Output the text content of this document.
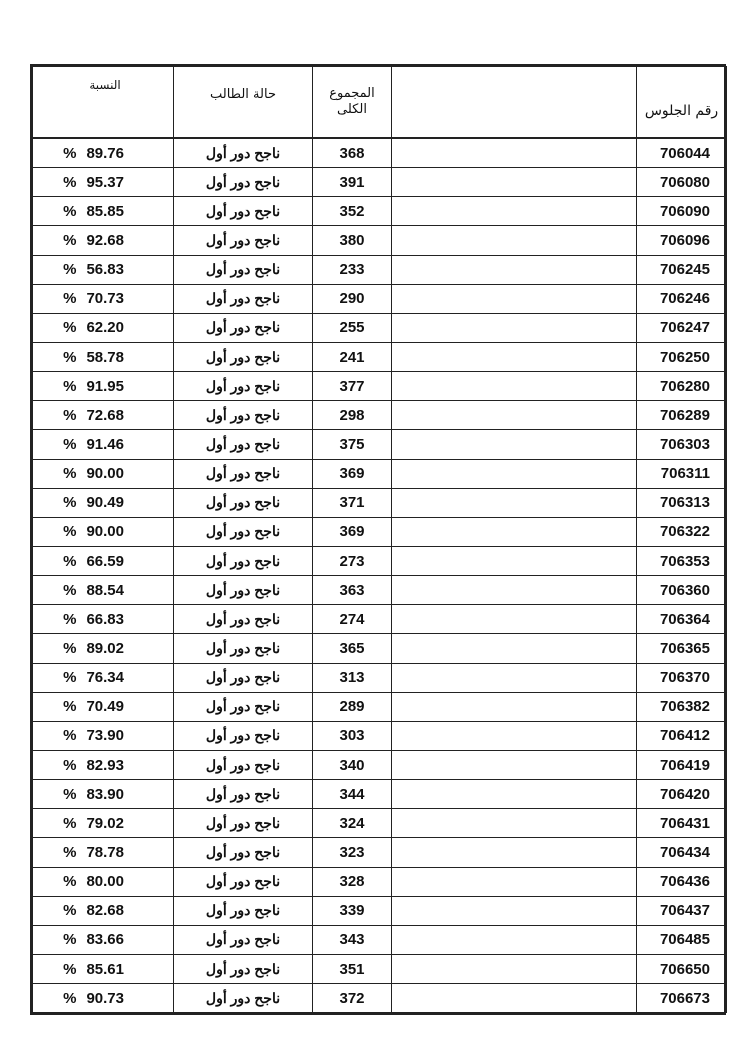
النسبة	حالة الطالب	المجموع الكلى		رقم الجلوس
% 89.76	ناجح دور أول	368		706044
% 95.37	ناجح دور أول	391		706080
% 85.85	ناجح دور أول	352		706090
% 92.68	ناجح دور أول	380		706096
% 56.83	ناجح دور أول	233		706245
% 70.73	ناجح دور أول	290		706246
% 62.20	ناجح دور أول	255		706247
% 58.78	ناجح دور أول	241		706250
% 91.95	ناجح دور أول	377		706280
% 72.68	ناجح دور أول	298		706289
% 91.46	ناجح دور أول	375		706303
% 90.00	ناجح دور أول	369		706311
% 90.49	ناجح دور أول	371		706313
% 90.00	ناجح دور أول	369		706322
% 66.59	ناجح دور أول	273		706353
% 88.54	ناجح دور أول	363		706360
% 66.83	ناجح دور أول	274		706364
% 89.02	ناجح دور أول	365		706365
% 76.34	ناجح دور أول	313		706370
% 70.49	ناجح دور أول	289		706382
% 73.90	ناجح دور أول	303		706412
% 82.93	ناجح دور أول	340		706419
% 83.90	ناجح دور أول	344		706420
% 79.02	ناجح دور أول	324		706431
% 78.78	ناجح دور أول	323		706434
% 80.00	ناجح دور أول	328		706436
% 82.68	ناجح دور أول	339		706437
% 83.66	ناجح دور أول	343		706485
% 85.61	ناجح دور أول	351		706650
% 90.73	ناجح دور أول	372		706673
